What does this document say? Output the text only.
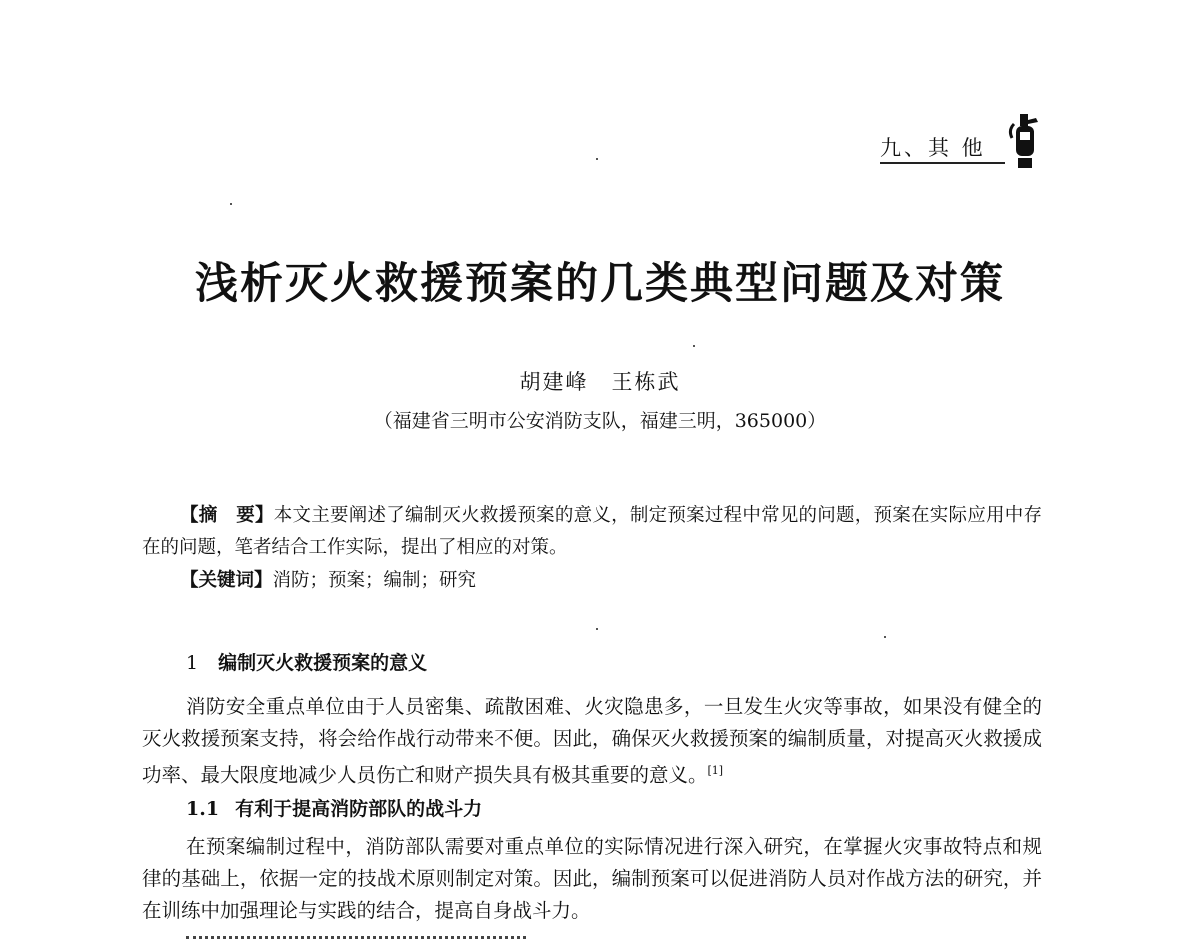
九、其 他
浅析灭火救援预案的几类典型问题及对策
胡建峰　王栋武
（福建省三明市公安消防支队，福建三明，365000）

【摘　要】本文主要阐述了编制灭火救援预案的意义，制定预案过程中常见的问题，预案在实际应用中存在的问题，笔者结合工作实际，提出了相应的对策。

【关键词】消防；预案；编制；研究

1 编制灭火救援预案的意义

消防安全重点单位由于人员密集、疏散困难、火灾隐患多，一旦发生火灾等事故，如果没有健全的灭火救援预案支持，将会给作战行动带来不便。因此，确保灭火救援预案的编制质量，对提高灭火救援成功率、最大限度地减少人员伤亡和财产损失具有极其重要的意义。[1]

1.1 有利于提高消防部队的战斗力

在预案编制过程中，消防部队需要对重点单位的实际情况进行深入研究，在掌握火灾事故特点和规律的基础上，依据一定的技战术原则制定对策。因此，编制预案可以促进消防人员对作战方法的研究，并在训练中加强理论与实践的结合，提高自身战斗力。
